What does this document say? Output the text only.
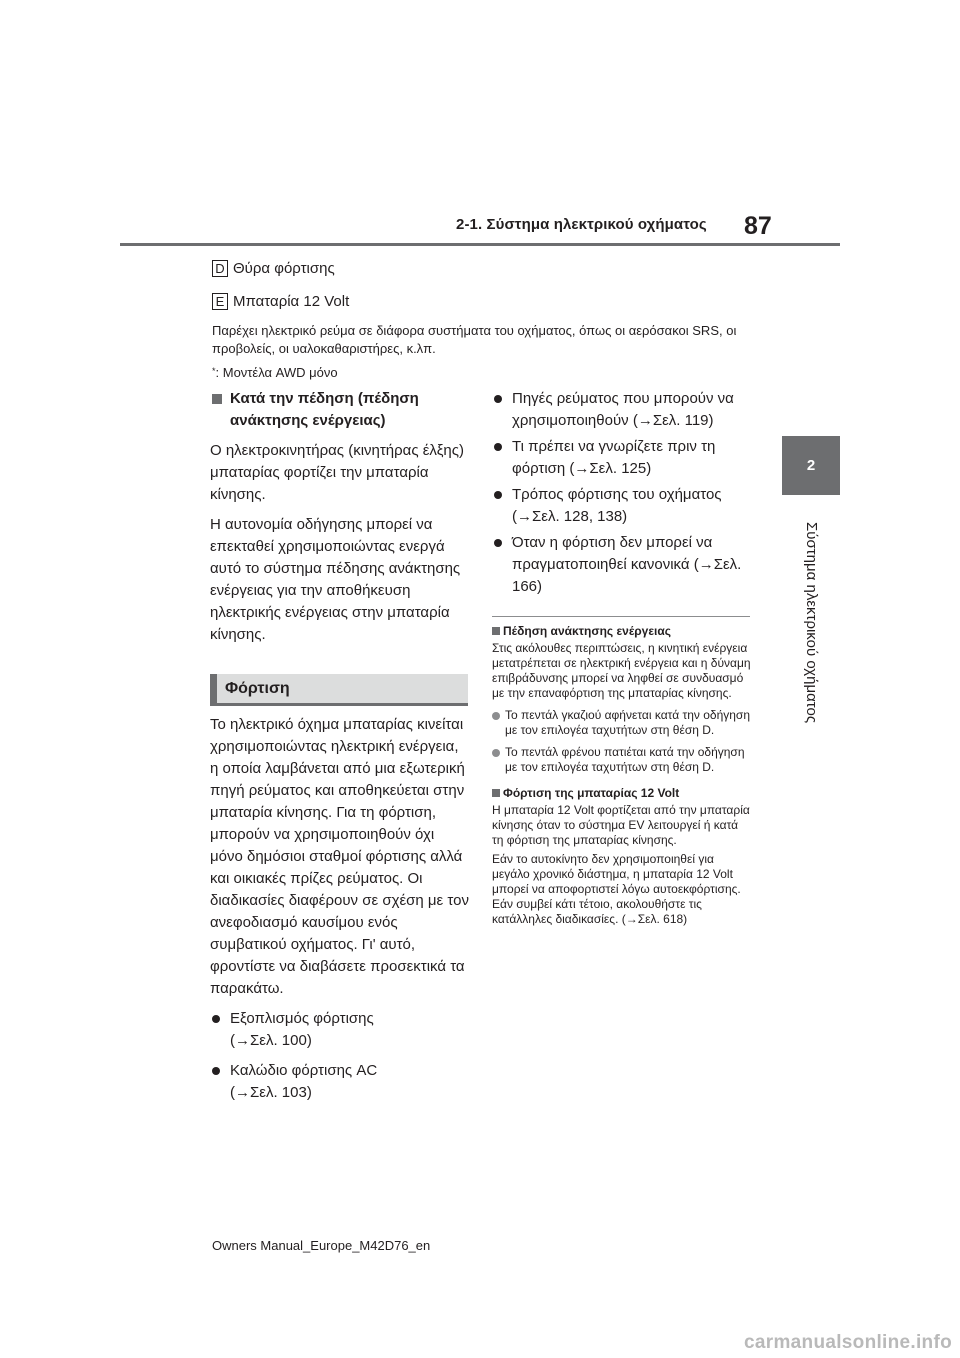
2-1. Σύστημα ηλεκτρικού οχήματος 87
2
Σύστημα ηλεκτρικού οχήματος
D Θύρα φόρτισης
E Μπαταρία 12 Volt
Παρέχει ηλεκτρικό ρεύμα σε διάφορα συστήματα του οχήματος, όπως οι αερόσακοι SRS, οι προβολείς, οι υαλοκαθαριστήρες, κ.λπ.
*: Μοντέλα AWD μόνο
Κατά την πέδηση (πέδηση ανάκτησης ενέργειας)

Ο ηλεκτροκινητήρας (κινητήρας έλξης) μπαταρίας φορτίζει την μπαταρία κίνησης.

Η αυτονομία οδήγησης μπορεί να επεκταθεί χρησιμοποιώντας ενεργά αυτό το σύστημα πέδησης ανάκτησης ενέργειας για την αποθήκευση ηλεκτρικής ενέργειας στην μπαταρία κίνησης.

Φόρτιση

Το ηλεκτρικό όχημα μπαταρίας κινείται χρησιμοποιώντας ηλεκτρική ενέργεια, η οποία λαμβάνεται από μια εξωτερική πηγή ρεύματος και αποθηκεύεται στην μπαταρία κίνησης. Για τη φόρτιση, μπορούν να χρησιμοποιηθούν όχι μόνο δημόσιοι σταθμοί φόρτισης αλλά και οικιακές πρίζες ρεύματος. Οι διαδικασίες διαφέρουν σε σχέση με τον ανεφοδιασμό καυσίμου ενός συμβατικού οχήματος. Γι' αυτό, φροντίστε να διαβάσετε προσεκτικά τα παρακάτω.

Εξοπλισμός φόρτισης
(→Σελ. 100)
Καλώδιο φόρτισης AC
(→Σελ. 103)
Πηγές ρεύματος που μπορούν να χρησιμοποιηθούν (→Σελ. 119)
Τι πρέπει να γνωρίζετε πριν τη φόρτιση (→Σελ. 125)
Τρόπος φόρτισης του οχήματος (→Σελ. 128, 138)
Όταν η φόρτιση δεν μπορεί να πραγματοποιηθεί κανονικά (→Σελ. 166)
Πέδηση ανάκτησης ενέργειας

Στις ακόλουθες περιπτώσεις, η κινητική ενέργεια μετατρέπεται σε ηλεκτρική ενέργεια και η δύναμη επιβράδυνσης μπορεί να ληφθεί σε συνδυασμό με την επαναφόρτιση της μπαταρίας κίνησης.

Το πεντάλ γκαζιού αφήνεται κατά την οδήγηση με τον επιλογέα ταχυτήτων στη θέση D.
Το πεντάλ φρένου πατιέται κατά την οδήγηση με τον επιλογέα ταχυτήτων στη θέση D.
Φόρτιση της μπαταρίας 12 Volt

Η μπαταρία 12 Volt φορτίζεται από την μπαταρία κίνησης όταν το σύστημα EV λειτουργεί ή κατά τη φόρτιση της μπαταρίας κίνησης.

Εάν το αυτοκίνητο δεν χρησιμοποιηθεί για μεγάλο χρονικό διάστημα, η μπαταρία 12 Volt μπορεί να αποφορτιστεί λόγω αυτοεκφόρτισης. Εάν συμβεί κάτι τέτοιο, ακολουθήστε τις κατάλληλες διαδικασίες. (→Σελ. 618)

Owners Manual_Europe_M42D76_en
carmanualsonline.info
